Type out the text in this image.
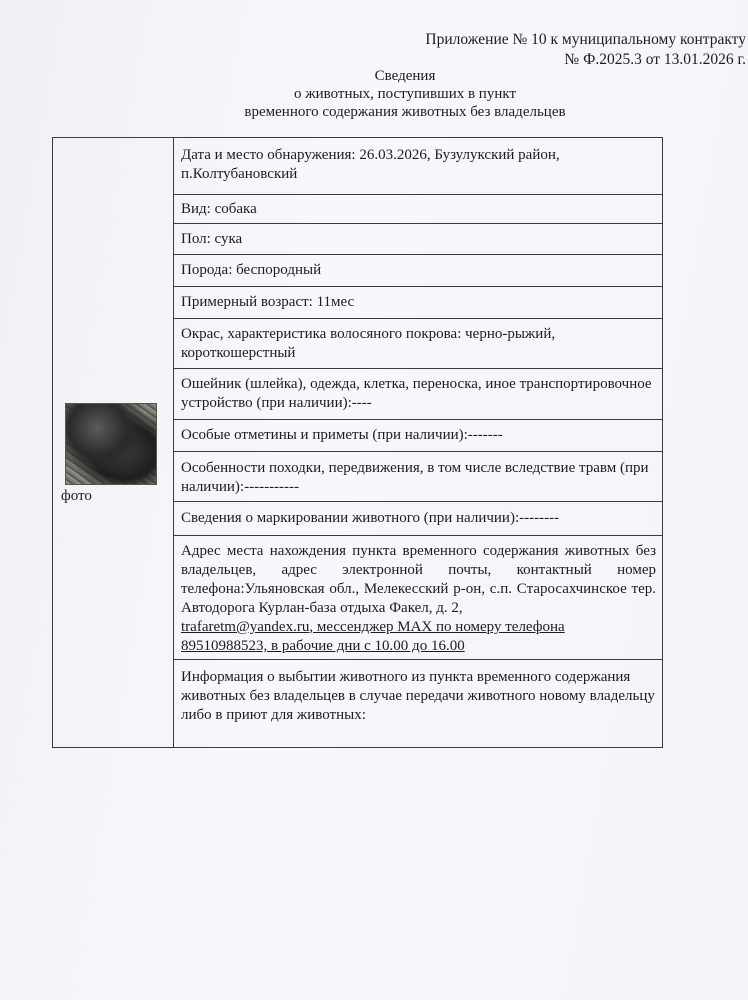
Приложение № 10 к муниципальному контракту
№ Ф.2025.3 от 13.01.2026 г.
Сведения
о животных, поступивших в пункт
временного содержания животных без владельцев
фото
	Дата и место обнаружения: 26.03.2026, Бузулукский район, п.Колтубановский
Вид: собака
Пол: сука
Порода: беспородный
Примерный возраст: 11мес
Окрас, характеристика волосяного покрова: черно-рыжий, короткошерстный
Ошейник (шлейка), одежда, клетка, переноска, иное транспортировочное устройство (при наличии):----
Особые отметины и приметы (при наличии):-------
Особенности походки, передвижения, в том числе вследствие травм (при наличии):-----------
Сведения о маркировании животного (при наличии):--------
Адрес места нахождения пункта временного содержания животных без владельцев, адрес электронной почты, контактный номер телефона:Ульяновская обл., Мелекесский р-он, с.п. Старосахчинское тер. Автодорога Курлан-база отдыха Факел, д. 2,
trafaretm@yandex.ru, мессенджер MAX по номеру телефона
89510988523, в рабочие дни с 10.00 до 16.00
Информация о выбытии животного из пункта временного содержания животных без владельцев в случае передачи животного новому владельцу либо в приют для животных:
